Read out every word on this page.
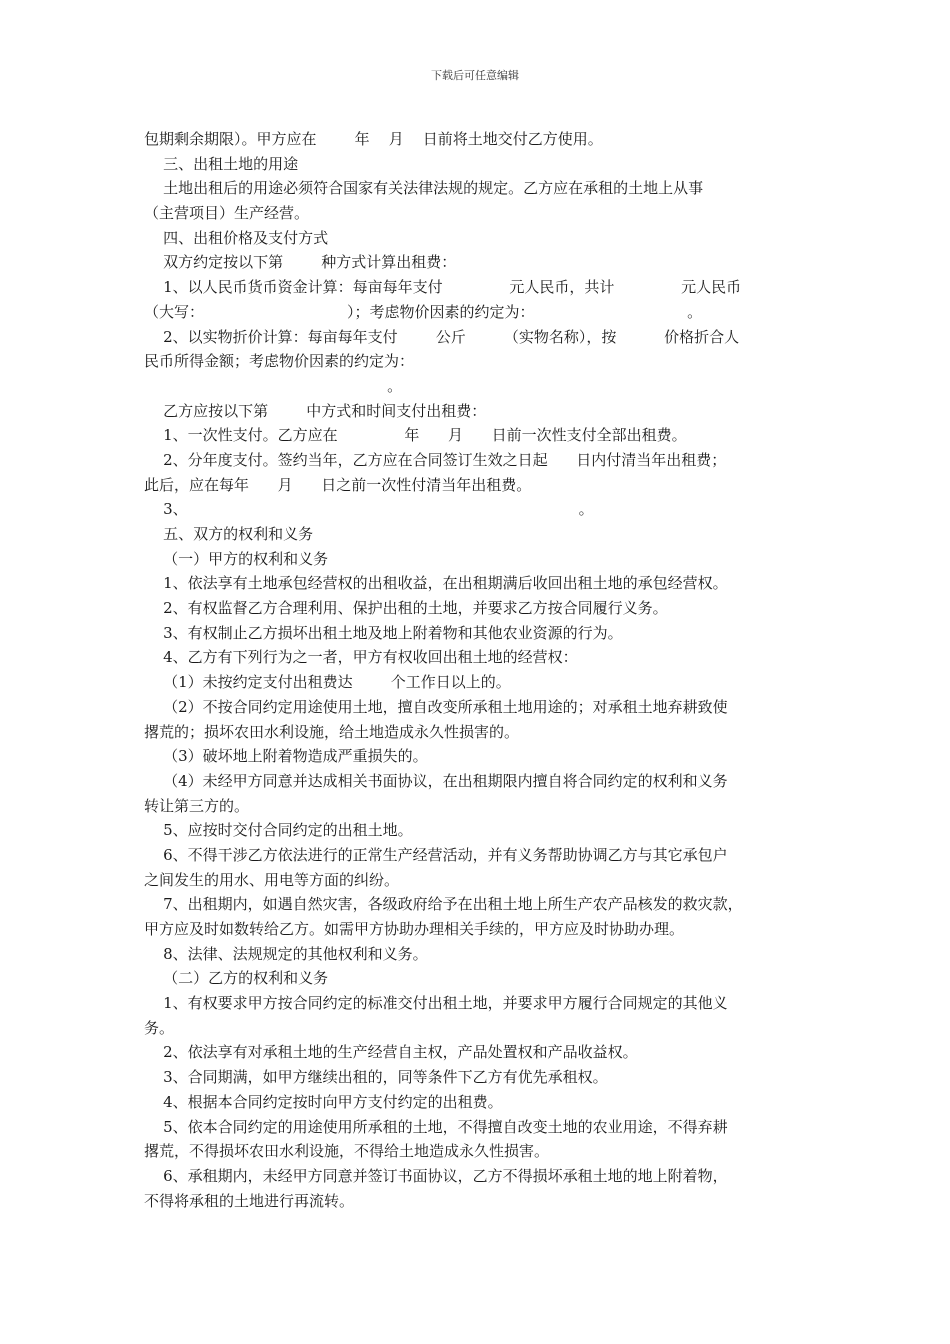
下载后可任意编辑
包期剩余期限）。甲方应在        年    月    日前将土地交付乙方使用。
三、出租土地的用途
土地出租后的用途必须符合国家有关法律法规的规定。乙方应在承租的土地上从事
（主营项目）生产经营。
四、出租价格及支付方式
双方约定按以下第        种方式计算出租费：
1、以人民币货币资金计算：每亩每年支付              元人民币，共计              元人民币
（大写：                              ）；考虑物价因素的约定为：                                。
2、以实物折价计算：每亩每年支付        公斤        （实物名称），按          价格折合人
民币所得金额；考虑物价因素的约定为：
。
乙方应按以下第        中方式和时间支付出租费：
1、一次性支付。乙方应在              年      月      日前一次性支付全部出租费。
2、分年度支付。签约当年，乙方应在合同签订生效之日起      日内付清当年出租费；
此后，应在每年      月      日之前一次性付清当年出租费。
3、                                                                                  。
五、双方的权利和义务
（一）甲方的权利和义务
1、依法享有土地承包经营权的出租收益，在出租期满后收回出租土地的承包经营权。
2、有权监督乙方合理利用、保护出租的土地，并要求乙方按合同履行义务。
3、有权制止乙方损坏出租土地及地上附着物和其他农业资源的行为。
4、乙方有下列行为之一者，甲方有权收回出租土地的经营权：
（1）未按约定支付出租费达        个工作日以上的。
（2）不按合同约定用途使用土地，擅自改变所承租土地用途的；对承租土地弃耕致使
撂荒的；损坏农田水利设施，给土地造成永久性损害的。
（3）破坏地上附着物造成严重损失的。
（4）未经甲方同意并达成相关书面协议，在出租期限内擅自将合同约定的权利和义务
转让第三方的。
5、应按时交付合同约定的出租土地。
6、不得干涉乙方依法进行的正常生产经营活动，并有义务帮助协调乙方与其它承包户
之间发生的用水、用电等方面的纠纷。
7、出租期内，如遇自然灾害，各级政府给予在出租土地上所生产农产品核发的救灾款，
甲方应及时如数转给乙方。如需甲方协助办理相关手续的，甲方应及时协助办理。
8、法律、法规规定的其他权利和义务。
（二）乙方的权利和义务
1、有权要求甲方按合同约定的标准交付出租土地，并要求甲方履行合同规定的其他义
务。
2、依法享有对承租土地的生产经营自主权，产品处置权和产品收益权。
3、合同期满，如甲方继续出租的，同等条件下乙方有优先承租权。
4、根据本合同约定按时向甲方支付约定的出租费。
5、依本合同约定的用途使用所承租的土地，不得擅自改变土地的农业用途，不得弃耕
撂荒，不得损坏农田水利设施，不得给土地造成永久性损害。
6、承租期内，未经甲方同意并签订书面协议，乙方不得损坏承租土地的地上附着物，
不得将承租的土地进行再流转。
